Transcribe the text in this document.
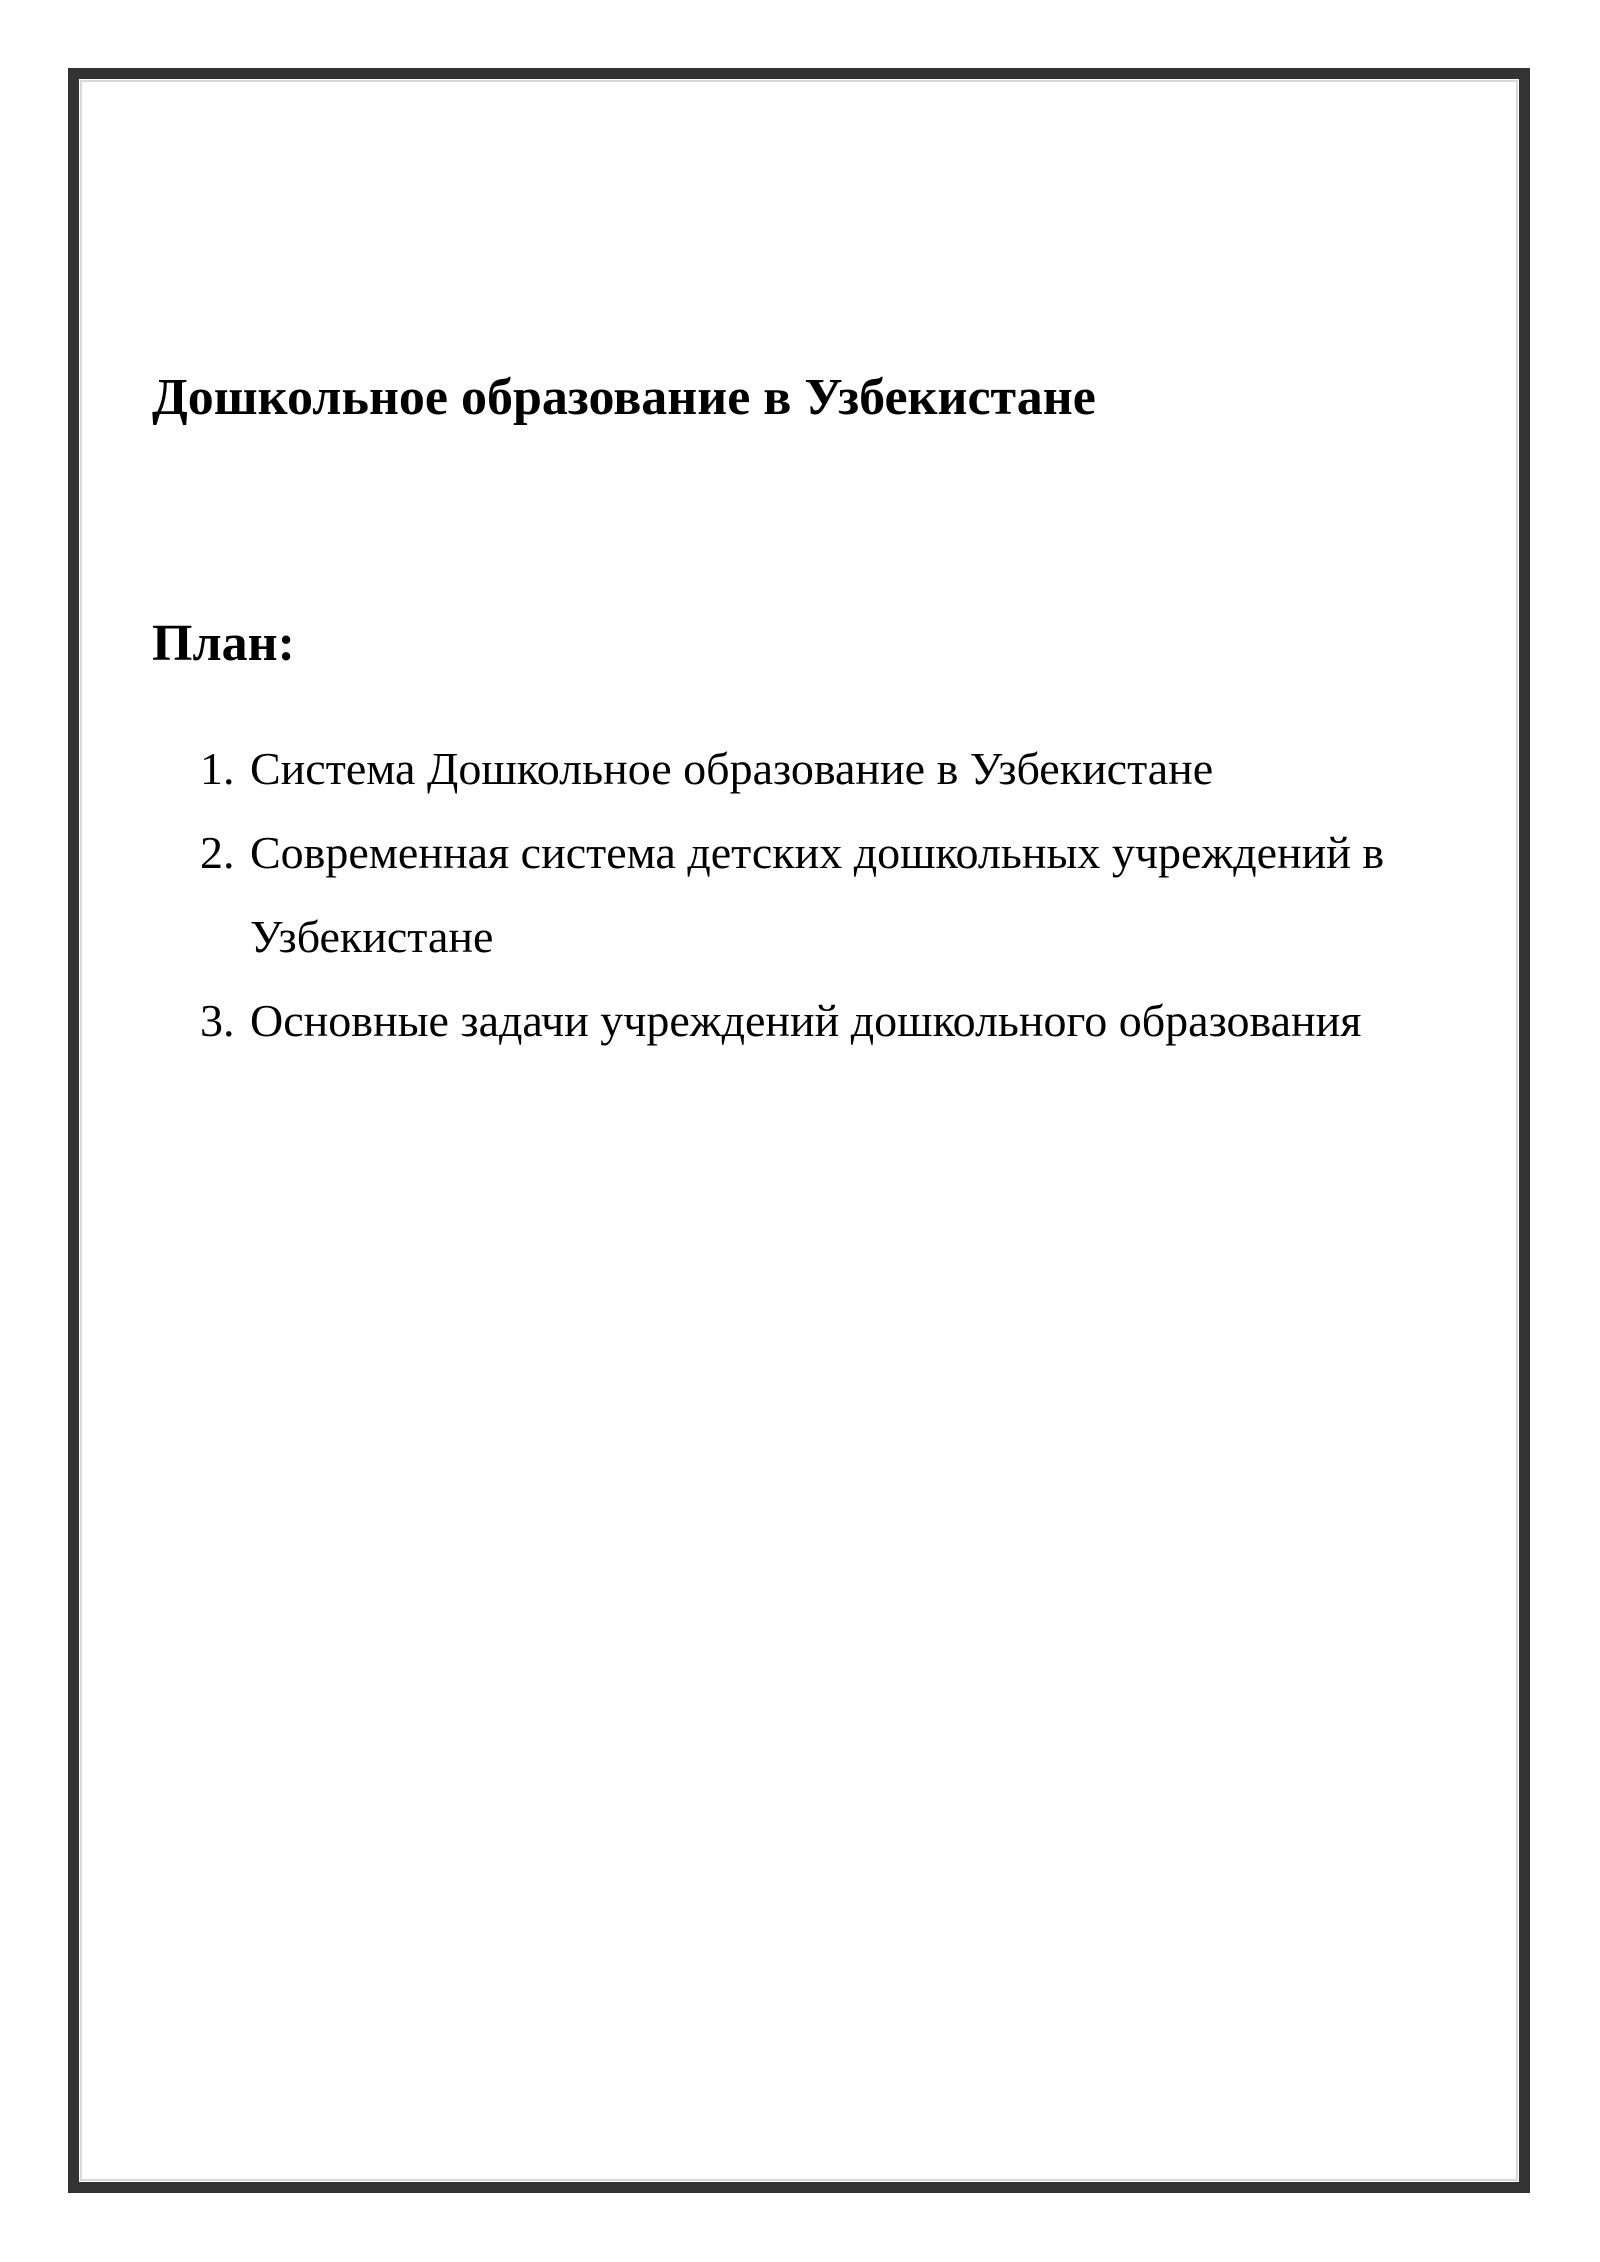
Дошкольное образование в Узбекистане
План:
1. Система Дошкольное образование в Узбекистане
2. Современная система детских дошкольных учреждений в Узбекистане
3. Основные задачи учреждений дошкольного образования
